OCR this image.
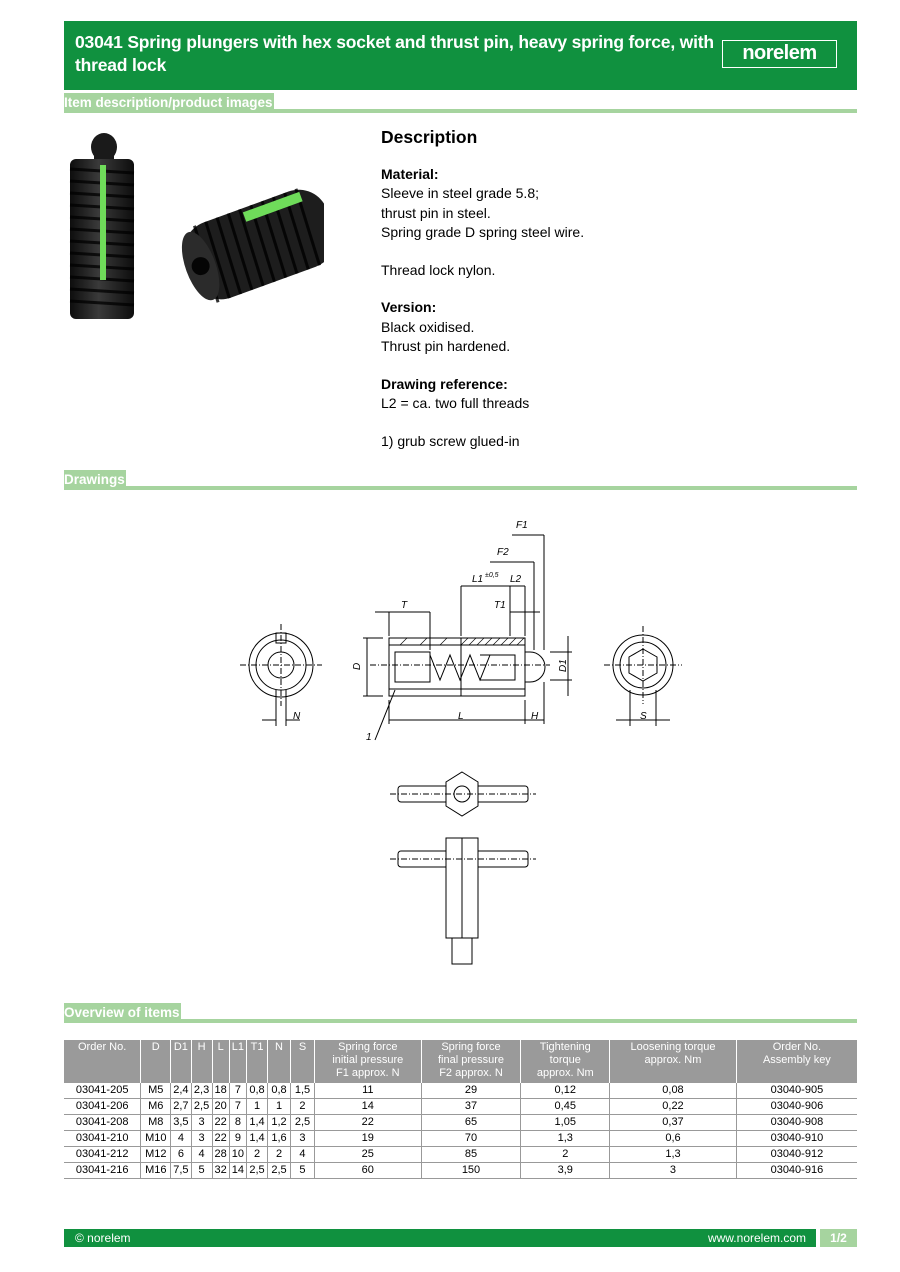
03041 Spring plungers with hex socket and thrust pin, heavy spring force, with thread lock
norelem
Item description/product images
Description

Material:
Sleeve in steel grade 5.8;
thrust pin in steel.
Spring grade D spring steel wire.

Thread lock nylon.

Version:
Black oxidised.
Thrust pin hardened.

Drawing reference:
L2 = ca. two full threads

1) grub screw glued-in

Drawings
F1
F2
L1 ±0,5 L2
T	T1
D	D1
L	H
N	S
1
Overview of items
Order No.	D	D1	H	L	L1	T1	N	S	Spring force
initial pressure
F1 approx. N	Spring force
final pressure
F2 approx. N	Tightening
torque
approx. Nm	Loosening torque
approx. Nm	Order No.
Assembly key
03041-205	M5	2,4	2,3	18	7	0,8	0,8	1,5	11	29	0,12	0,08	03040-905
03041-206	M6	2,7	2,5	20	7	1	1	2	14	37	0,45	0,22	03040-906
03041-208	M8	3,5	3	22	8	1,4	1,2	2,5	22	65	1,05	0,37	03040-908
03041-210	M10	4	3	22	9	1,4	1,6	3	19	70	1,3	0,6	03040-910
03041-212	M12	6	4	28	10	2	2	4	25	85	2	1,3	03040-912
03041-216	M16	7,5	5	32	14	2,5	2,5	5	60	150	3,9	3	03040-916
© norelem	www.norelem.com	1/2
